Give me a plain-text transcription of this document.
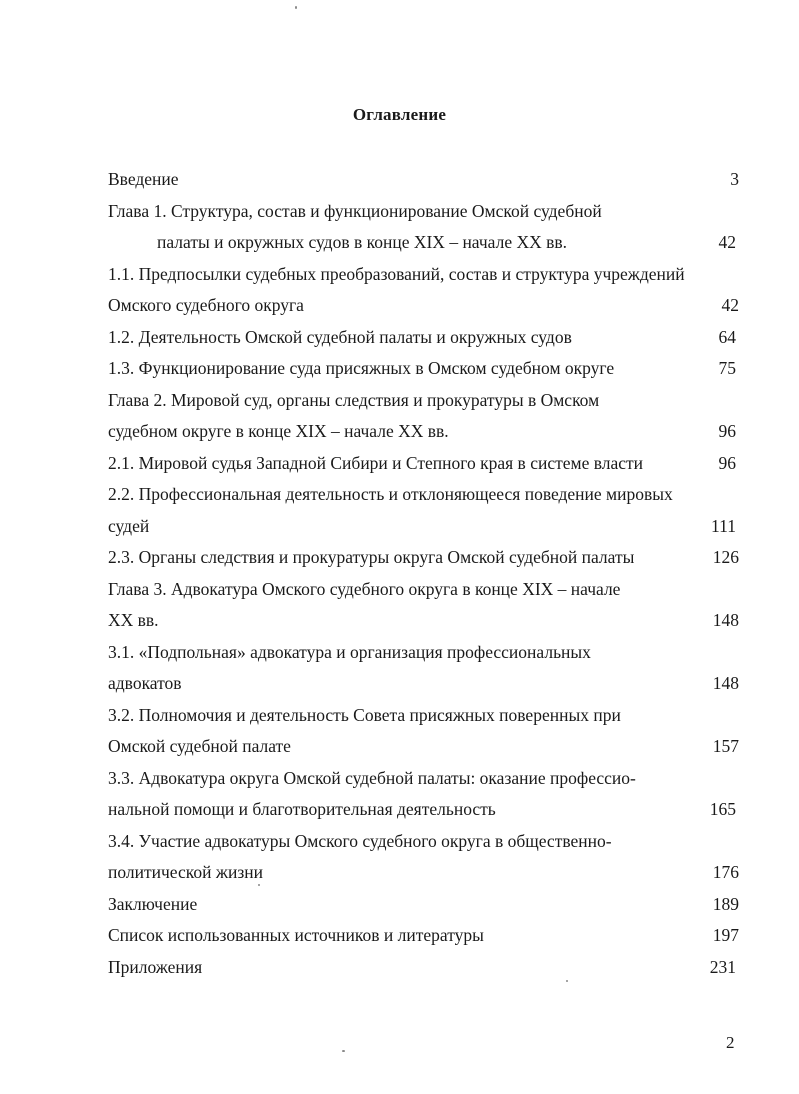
Оглавление
Введение	3
Глава 1. Структура, состав и функционирование Омской судебной
палаты и окружных судов в конце XIX – начале XX вв.	42
1.1. Предпосылки судебных преобразований, состав и структура учреждений
Омского судебного округа	42
1.2. Деятельность Омской судебной палаты и окружных судов	64
1.3. Функционирование суда присяжных в Омском судебном округе	75
Глава 2. Мировой суд, органы следствия и прокуратуры в Омском
судебном округе в конце XIX – начале XX вв.	96
2.1. Мировой судья Западной Сибири и Степного края в системе власти	96
2.2. Профессиональная деятельность и отклоняющееся поведение мировых
судей	111
2.3. Органы следствия и прокуратуры округа Омской судебной палаты	126
Глава 3. Адвокатура Омского судебного округа в конце XIX – начале
XX вв.	148
3.1. «Подпольная» адвокатура и организация профессиональных
адвокатов	148
3.2. Полномочия и деятельность Совета присяжных поверенных при
Омской судебной палате	157
3.3. Адвокатура округа Омской судебной палаты: оказание профессио-
нальной помощи и благотворительная деятельность	165
3.4. Участие адвокатуры Омского судебного округа в общественно-
политической жизни	176
Заключение	189
Список использованных источников и литературы	197
Приложения	231
2
